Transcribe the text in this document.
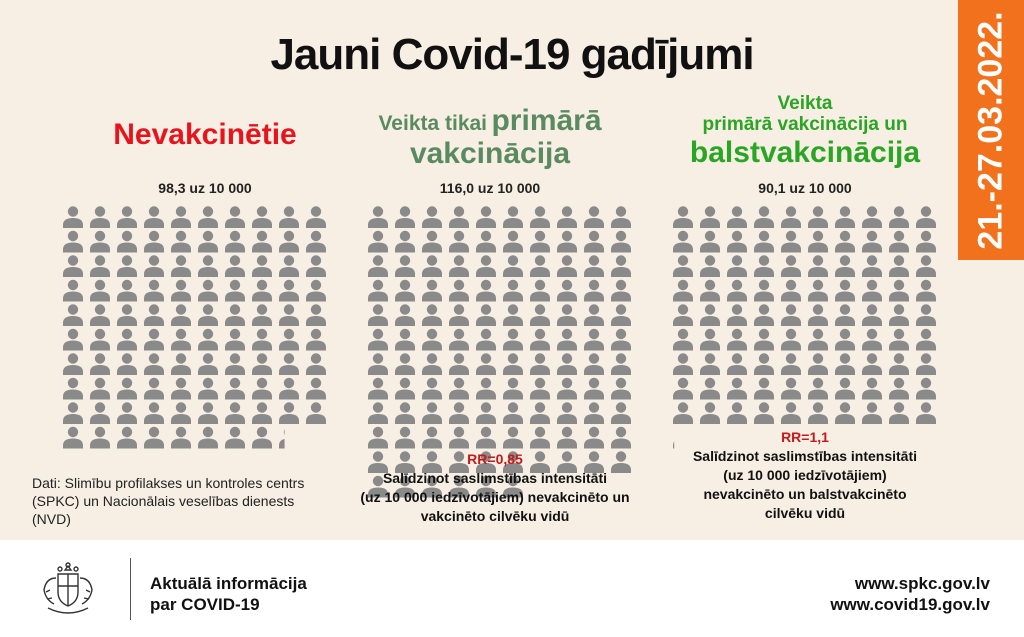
Jauni Covid-19 gadījumi	21.-27.03.2022.
Nevakcinētie	Veikta tikai primārā
vakcinācija
Veikta
primārā vakcinācija un
balstvakcinācija
98,3 uz 10 000	116,0 uz 10 000	90,1 uz 10 000
RR=0,85
Salīdzinot saslimstības intensitāti
(uz 10 000 iedzīvotājiem) nevakcinēto un
vakcinēto cilvēku vidū
RR=1,1
Salīdzinot saslimstības intensitāti
(uz 10 000 iedzīvotājiem)
nevakcinēto un balstvakcinēto
cilvēku vidū
Dati: Slimību profilakses un kontroles centrs (SPKC) un Nacionālais veselības dienests (NVD)
Aktuālā informācija
par COVID-19
www.spkc.gov.lv
www.covid19.gov.lv
